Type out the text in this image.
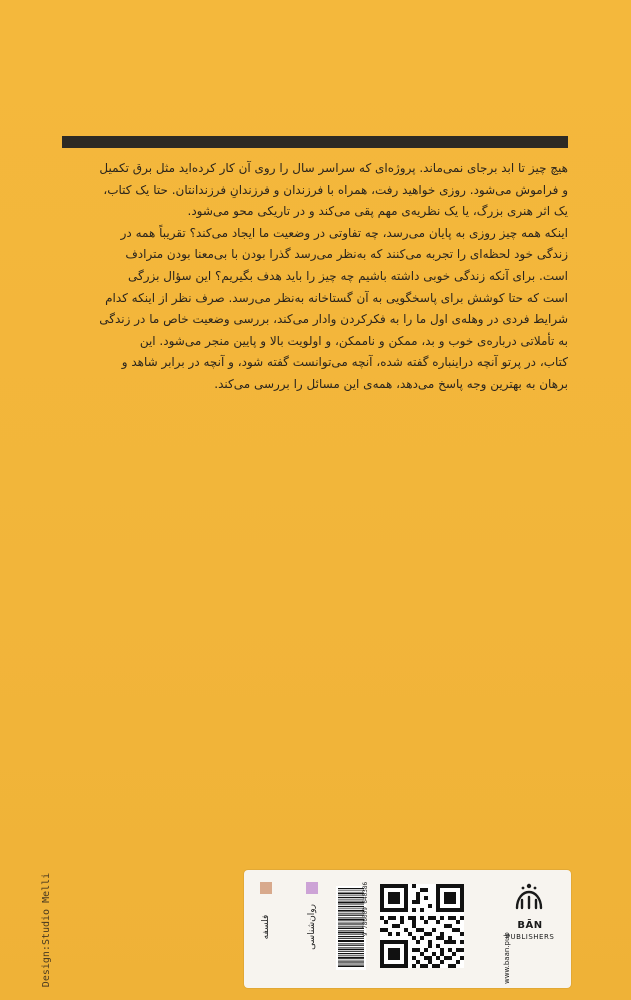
هیچ چیز تا ابد برجای نمی‌ماند. پروژه‌ای که سراسر سال را روی آن کار کرده‌اید مثل برق تکمیل

و فراموش می‌شود. روزی خواهید رفت، همراه با فرزندان و فرزندانِ فرزندانتان. حتا یک کتاب،

یک اثر هنری بزرگ، یا یک نظریه‌ی مهم پقی می‌کند و در تاریکی محو می‌شود.

اینکه همه چیز روزی به پایان می‌رسد، چه تفاوتی در وضعیت ما ایجاد می‌کند؟ تقریباً همه در

زندگی خود لحظه‌ای را تجربه می‌کنند که به‌نظر می‌رسد گذرا بودن با بی‌معنا بودن مترادف

است. برای آنکه زندگی خوبی داشته باشیم چه چیز را باید هدف بگیریم؟ این سؤال بزرگی

است که حتا کوشش برای پاسخگویی به آن گستاخانه به‌نظر می‌رسد. صرف نظر از اینکه کدام

شرایط فردی در وهله‌ی اول ما را به فکرکردن وادار می‌کند، بررسی وضعیت خاص ما در زندگی

به تأملاتی درباره‌ی خوب و بد، ممکن و ناممکن، و اولویت بالا و پایین منجر می‌شود. این

کتاب، در پرتو آنچه دراینباره گفته شده، آنچه می‌توانست گفته شود، و آنچه در برابر شاهد و

برهان به بهترین وجه پاسخ می‌دهد، همه‌ی این مسائل را بررسی می‌کند.

Design:Studio Melli	فلسفه	روان‌شناسی	9 786009 640386	BĀN
PUBLISHERS
www.baan.pub
